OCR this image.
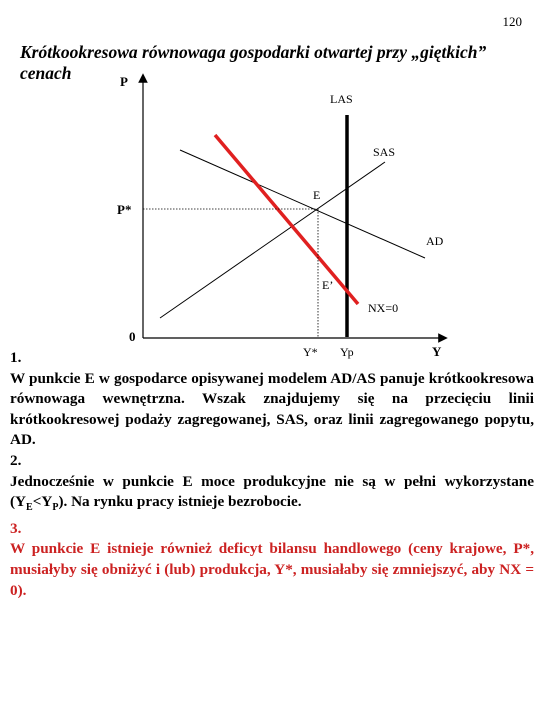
120
Krótkookresowa równowaga gospodarki otwartej przy „giętkich” cenach	P
Y
0
LAS
SAS
AD
NX=0
E
E’
P*
Y* Yp

1.
W punkcie E w gospodarce opisywanej modelem AD/AS panuje krótkookresowa równowaga wewnętrzna. Wszak znajdujemy się na przecięciu linii krótkookresowej podaży zagregowanej, SAS, oraz linii zagregowanego popytu, AD.

2.
Jednocześnie w punkcie E moce produkcyjne nie są w pełni wykorzystane $(Y_E<Y_P)$. Na rynku pracy istnieje bezrobocie.

3.
W punkcie E istnieje również deficyt bilansu handlowego (ceny krajowe, P*, musiałyby się obniżyć i (lub) produkcja, Y*, musiałaby się zmniejszyć, aby NX = 0).
